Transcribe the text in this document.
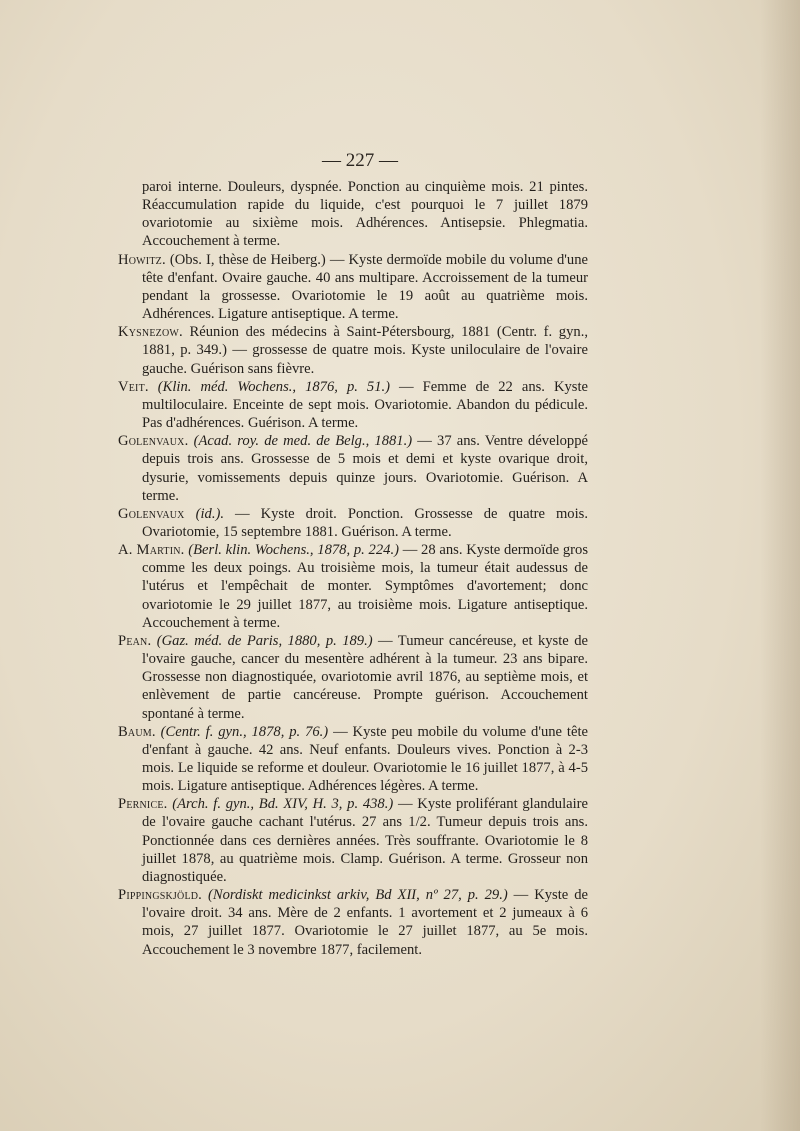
— 227 —

paroi interne. Douleurs, dyspnée. Ponction au cinquième mois. 21 pintes. Réaccumulation rapide du liquide, c'est pourquoi le 7 juillet 1879 ovariotomie au sixième mois. Adhérences. Antisepsie. Phlegmatia. Accouchement à terme.

Howitz. (Obs. I, thèse de Heiberg.) — Kyste dermoïde mobile du volume d'une tête d'enfant. Ovaire gauche. 40 ans multipare. Accroissement de la tumeur pendant la grossesse. Ovariotomie le 19 août au quatrième mois. Adhérences. Ligature antiseptique. A terme.

Kysnezow. Réunion des médecins à Saint-Pétersbourg, 1881 (Centr. f. gyn., 1881, p. 349.) — grossesse de quatre mois. Kyste uniloculaire de l'ovaire gauche. Guérison sans fièvre.

Veit. (Klin. méd. Wochens., 1876, p. 51.) — Femme de 22 ans. Kyste multiloculaire. Enceinte de sept mois. Ovariotomie. Abandon du pédicule. Pas d'adhérences. Guérison. A terme.

Golenvaux. (Acad. roy. de med. de Belg., 1881.) — 37 ans. Ventre développé depuis trois ans. Grossesse de 5 mois et demi et kyste ovarique droit, dysurie, vomissements depuis quinze jours. Ovariotomie. Guérison. A terme.

Golenvaux (id.). — Kyste droit. Ponction. Grossesse de quatre mois. Ovariotomie, 15 septembre 1881. Guérison. A terme.

A. Martin. (Berl. klin. Wochens., 1878, p. 224.) — 28 ans. Kyste dermoïde gros comme les deux poings. Au troisième mois, la tumeur était audessus de l'utérus et l'empêchait de monter. Symptômes d'avortement; donc ovariotomie le 29 juillet 1877, au troisième mois. Ligature antiseptique. Accouchement à terme.

Pean. (Gaz. méd. de Paris, 1880, p. 189.) — Tumeur cancéreuse, et kyste de l'ovaire gauche, cancer du mesentère adhérent à la tumeur. 23 ans bipare. Grossesse non diagnostiquée, ovariotomie avril 1876, au septième mois, et enlèvement de partie cancéreuse. Prompte guérison. Accouchement spontané à terme.

Baum. (Centr. f. gyn., 1878, p. 76.) — Kyste peu mobile du volume d'une tête d'enfant à gauche. 42 ans. Neuf enfants. Douleurs vives. Ponction à 2-3 mois. Le liquide se reforme et douleur. Ovariotomie le 16 juillet 1877, à 4-5 mois. Ligature antiseptique. Adhérences légères. A terme.

Pernice. (Arch. f. gyn., Bd. XIV, H. 3, p. 438.) — Kyste proliférant glandulaire de l'ovaire gauche cachant l'utérus. 27 ans 1/2. Tumeur depuis trois ans. Ponctionnée dans ces dernières années. Très souffrante. Ovariotomie le 8 juillet 1878, au quatrième mois. Clamp. Guérison. A terme. Grosseur non diagnostiquée.

Pippingskjöld. (Nordiskt medicinkst arkiv, Bd XII, nº 27, p. 29.) — Kyste de l'ovaire droit. 34 ans. Mère de 2 enfants. 1 avortement et 2 jumeaux à 6 mois, 27 juillet 1877. Ovariotomie le 27 juillet 1877, au 5e mois. Accouchement le 3 novembre 1877, facilement.
